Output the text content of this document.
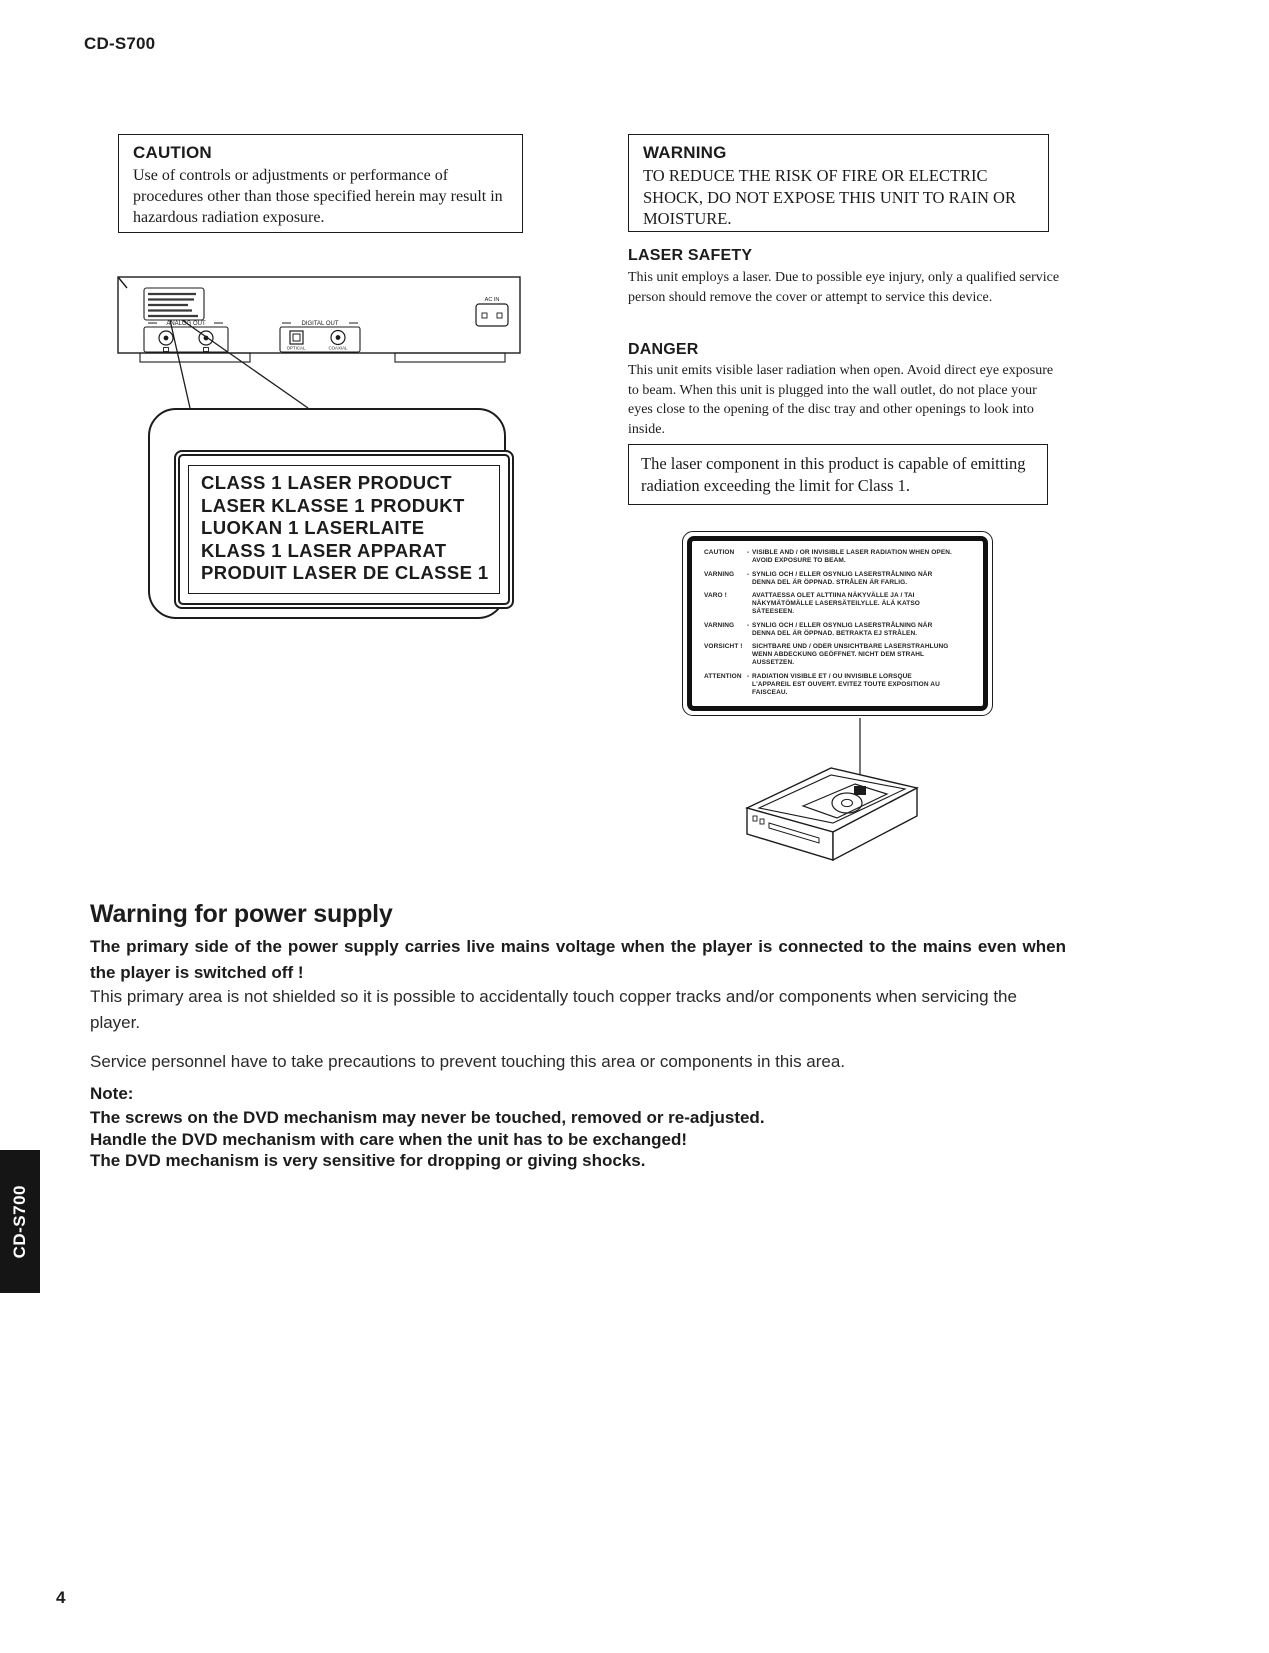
CD-S700
CAUTION
Use of controls or adjustments or performance of procedures other than those specified herein may result in hazardous radiation exposure.
WARNING
TO REDUCE THE RISK OF FIRE OR ELECTRIC SHOCK, DO NOT EXPOSE THIS UNIT TO RAIN OR MOISTURE.
ANALOG OUT	DIGITAL OUT
OPTICAL	COAXIAL
AC IN
CLASS 1 LASER PRODUCT
LASER KLASSE 1 PRODUKT
LUOKAN 1 LASERLAITE
KLASS 1 LASER APPARAT
PRODUIT LASER DE CLASSE 1
LASER SAFETY
This unit employs a laser. Due to possible eye injury, only a qualified service person should remove the cover or attempt to service this device.
DANGER
This unit emits visible laser radiation when open. Avoid direct eye exposure to beam. When this unit is plugged into the wall outlet, do not place your eyes close to the opening of the disc tray and other openings to look into inside.
The laser component in this product is capable of emitting radiation exceeding the limit for Class 1.
CAUTION	- VISIBLE AND / OR INVISIBLE LASER RADIATION WHEN OPEN. AVOID EXPOSURE TO BEAM.
VARNING	- SYNLIG OCH / ELLER OSYNLIG LASERSTRÅLNING NÄR DENNA DEL ÄR ÖPPNAD. STRÅLEN ÄR FARLIG.
VARO !	AVATTAESSA OLET ALTTIINA NÄKYVÄLLE JA / TAI NÄKYMÄTÖMÄLLE LASERSÄTEILYLLE. ÄLÄ KATSO SÄTEESEEN.
VARNING	- SYNLIG OCH / ELLER OSYNLIG LASERSTRÅLNING NÄR DENNA DEL ÄR ÖPPNAD. BETRAKTA EJ STRÅLEN.
VORSICHT ! SICHTBARE UND / ODER UNSICHTBARE LASERSTRAHLUNG WENN ABDECKUNG GEÖFFNET. NICHT DEM STRAHL AUSSETZEN.
ATTENTION - RADIATION VISIBLE ET / OU INVISIBLE LORSQUE L'APPAREIL EST OUVERT. EVITEZ TOUTE EXPOSITION AU FAISCEAU.
Warning for power supply
The primary side of the power supply carries live mains voltage when the player is connected to the mains even when the player is switched off !
This primary area is not shielded so it is possible to accidentally touch copper tracks and/or components when servicing the player.
Service personnel have to take precautions to prevent touching this area or components in this area.
Note:
The screws on the DVD mechanism may never be touched, removed or re-adjusted.
Handle the DVD mechanism with care when the unit has to be exchanged!
The DVD mechanism is very sensitive for dropping or giving shocks.
CD-S700
4
